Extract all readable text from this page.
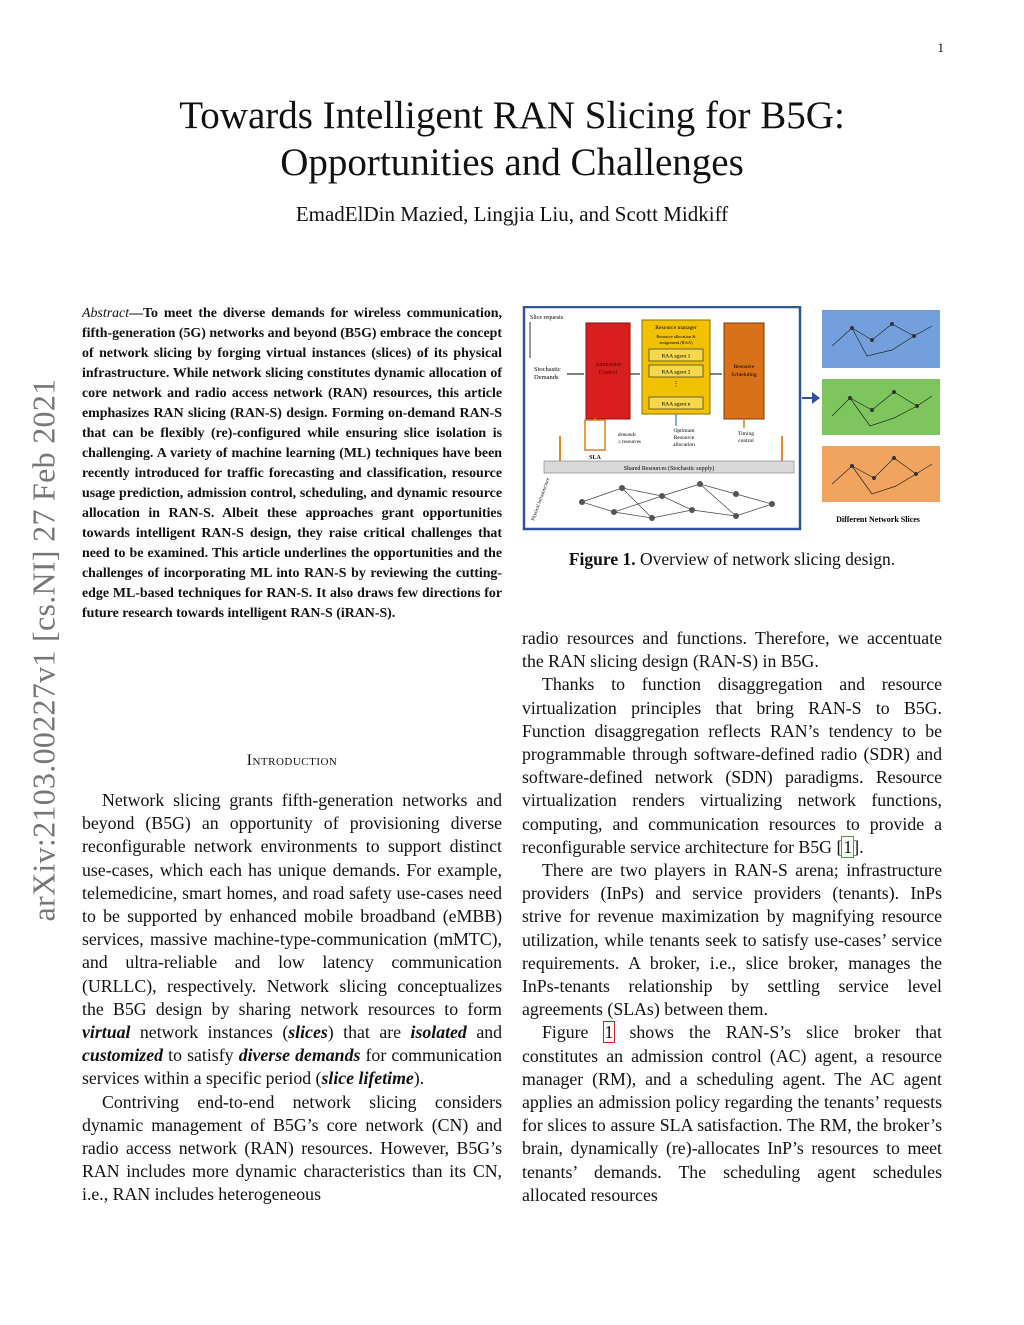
1
Towards Intelligent RAN Slicing for B5G:
Opportunities and Challenges
EmadElDin Mazied, Lingjia Liu, and Scott Midkiff
arXiv:2103.00227v1 [cs.NI] 27 Feb 2021
Abstract—To meet the diverse demands for wireless communication, fifth-generation (5G) networks and beyond (B5G) embrace the concept of network slicing by forging virtual instances (slices) of its physical infrastructure. While network slicing constitutes dynamic allocation of core network and radio access network (RAN) resources, this article emphasizes RAN slicing (RAN-S) design. Forming on-demand RAN-S that can be flexibly (re)-configured while ensuring slice isolation is challenging. A variety of machine learning (ML) techniques have been recently introduced for traffic forecasting and classification, resource usage prediction, admission control, scheduling, and dynamic resource allocation in RAN-S. Albeit these approaches grant opportunities towards intelligent RAN-S design, they raise critical challenges that need to be examined. This article underlines the opportunities and the challenges of incorporating ML into RAN-S by reviewing the cutting-edge ML-based techniques for RAN-S. It also draws few directions for future research towards intelligent RAN-S (iRAN-S).
Introduction

Network slicing grants fifth-generation networks and beyond (B5G) an opportunity of provisioning diverse reconfigurable network environments to support distinct use-cases, which each has unique demands. For example, telemedicine, smart homes, and road safety use-cases need to be supported by enhanced mobile broadband (eMBB) services, massive machine-type-communication (mMTC), and ultra-reliable and low latency communication (URLLC), respectively. Network slicing conceptualizes the B5G design by sharing network resources to form virtual network instances (slices) that are isolated and customized to satisfy diverse demands for communication services within a specific period (slice lifetime).

Contriving end-to-end network slicing considers dynamic management of B5G’s core network (CN) and radio access network (RAN) resources. However, B5G’s RAN includes more dynamic characteristics than its CN, i.e., RAN includes heterogeneous

Slice requests
Stochastic
Demands
Admission
Control
Resource manager
Resource allocation &
assignment (RAA)
RAA agent 1
RAA agent 2
⋮
RAA agent n
Resource
Scheduling
SLA
demands
≤ resources
Optimum
Resource
allocation
Timing
control
Shared Resources (Stochastic supply)
Physical infrastructure	Different Network Slices
Figure 1. Overview of network slicing design.

radio resources and functions. Therefore, we accentuate the RAN slicing design (RAN-S) in B5G.

Thanks to function disaggregation and resource virtualization principles that bring RAN-S to B5G. Function disaggregation reflects RAN’s tendency to be programmable through software-defined radio (SDR) and software-defined network (SDN) paradigms. Resource virtualization renders virtualizing network functions, computing, and communication resources to provide a reconfigurable service architecture for B5G [1].

There are two players in RAN-S arena; infrastructure providers (InPs) and service providers (tenants). InPs strive for revenue maximization by magnifying resource utilization, while tenants seek to satisfy use-cases’ service requirements. A broker, i.e., slice broker, manages the InPs-tenants relationship by settling service level agreements (SLAs) between them.

Figure 1 shows the RAN-S’s slice broker that constitutes an admission control (AC) agent, a resource manager (RM), and a scheduling agent. The AC agent applies an admission policy regarding the tenants’ requests for slices to assure SLA satisfaction. The RM, the broker’s brain, dynamically (re)-allocates InP’s resources to meet tenants’ demands. The scheduling agent schedules allocated resources
